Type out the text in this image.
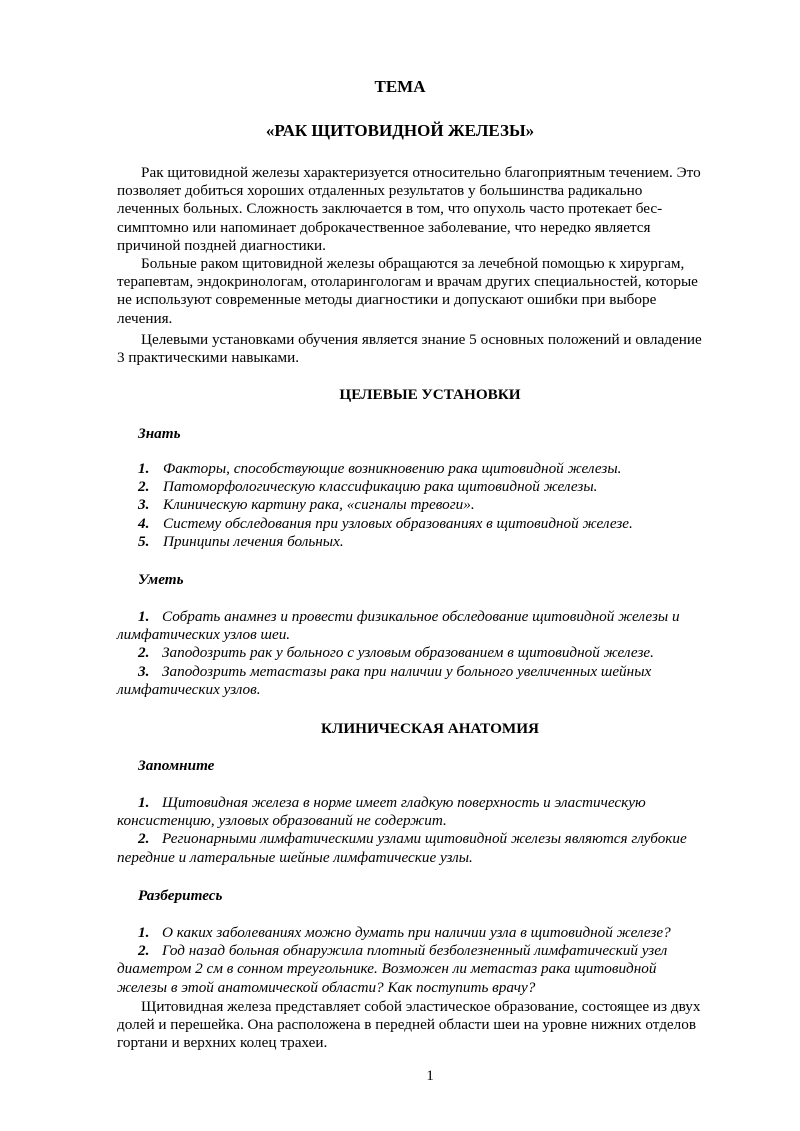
ТЕМА
«РАК ЩИТОВИДНОЙ ЖЕЛЕЗЫ»
Рак щитовидной железы характеризуется относительно благоприятным течением. Это
позволяет добиться хороших отдаленных результатов у большинства радикально
леченных больных. Сложность заключается в том, что опухоль часто протекает бес-
симптомно или напоминает доброкачественное заболевание, что нередко является
причиной поздней диагностики.
Больные раком щитовидной железы обращаются за лечебной помощью к хирургам,
терапевтам, эндокринологам, отоларингологам и врачам других специальностей, которые
не используют современные методы диагностики и допускают ошибки при выборе
лечения.
Целевыми установками обучения является знание 5 основных положений и овладение
3 практическими навыками.
ЦЕЛЕВЫЕ УСТАНОВКИ
Знать
1. Факторы, способствующие возникновению рака щитовидной железы.
2. Патоморфологическую классификацию рака щитовидной железы.
3. Клиническую картину рака, «сигналы тревоги».
4. Систему обследования при узловых образованиях в щитовидной железе.
5. Принципы лечения больных.
Уметь
1. Собрать анамнез и провести физикальное обследование щитовидной железы и
лимфатических узлов шеи.
2. Заподозрить рак у больного с узловым образованием в щитовидной железе.
3. Заподозрить метастазы рака при наличии у больного увеличенных шейных
лимфатических узлов.
КЛИНИЧЕСКАЯ АНАТОМИЯ
Запомните
1. Щитовидная железа в норме имеет гладкую поверхность и эластическую
консистенцию, узловых образований не содержит.
2. Регионарными лимфатическими узлами щитовидной железы являются глубокие
передние и латеральные шейные лимфатические узлы.
Разберитесь
1. О каких заболеваниях можно думать при наличии узла в щитовидной железе?
2. Год назад больная обнаружила плотный безболезненный лимфатический узел
диаметром 2 см в сонном треугольнике. Возможен ли метастаз рака щитовидной
железы в этой анатомической области? Как поступить врачу?
Щитовидная железа представляет собой эластическое образование, состоящее из двух
долей и перешейка. Она расположена в передней области шеи на уровне нижних отделов
гортани и верхних колец трахеи.
1
